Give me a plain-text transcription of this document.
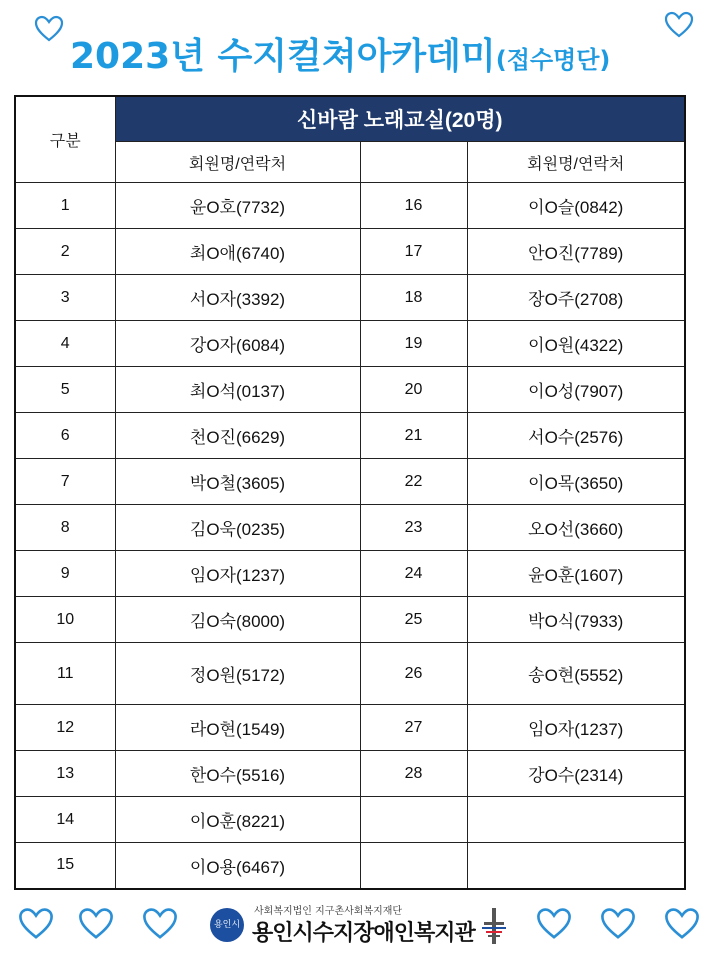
2023년 수지컬쳐아카데미(접수명단)
구분	신바람 노래교실(20명)		
	회원명/연락처		회원명/연락처
1	윤O호(7732)	16	이O슬(0842)
2	최O애(6740)	17	안O진(7789)
3	서O자(3392)	18	장O주(2708)
4	강O자(6084)	19	이O원(4322)
5	최O석(0137)	20	이O성(7907)
6	천O진(6629)	21	서O수(2576)
7	박O철(3605)	22	이O목(3650)
8	김O욱(0235)	23	오O선(3660)
9	임O자(1237)	24	윤O훈(1607)
10	김O숙(8000)	25	박O식(7933)
11	정O원(5172)	26	송O현(5552)
12	라O현(1549)	27	임O자(1237)
13	한O수(5516)	28	강O수(2314)
14	이O훈(8221)		
15	이O용(6467)		
용인시
사회복지법인 지구촌사회복지재단
용인시수지장애인복지관
